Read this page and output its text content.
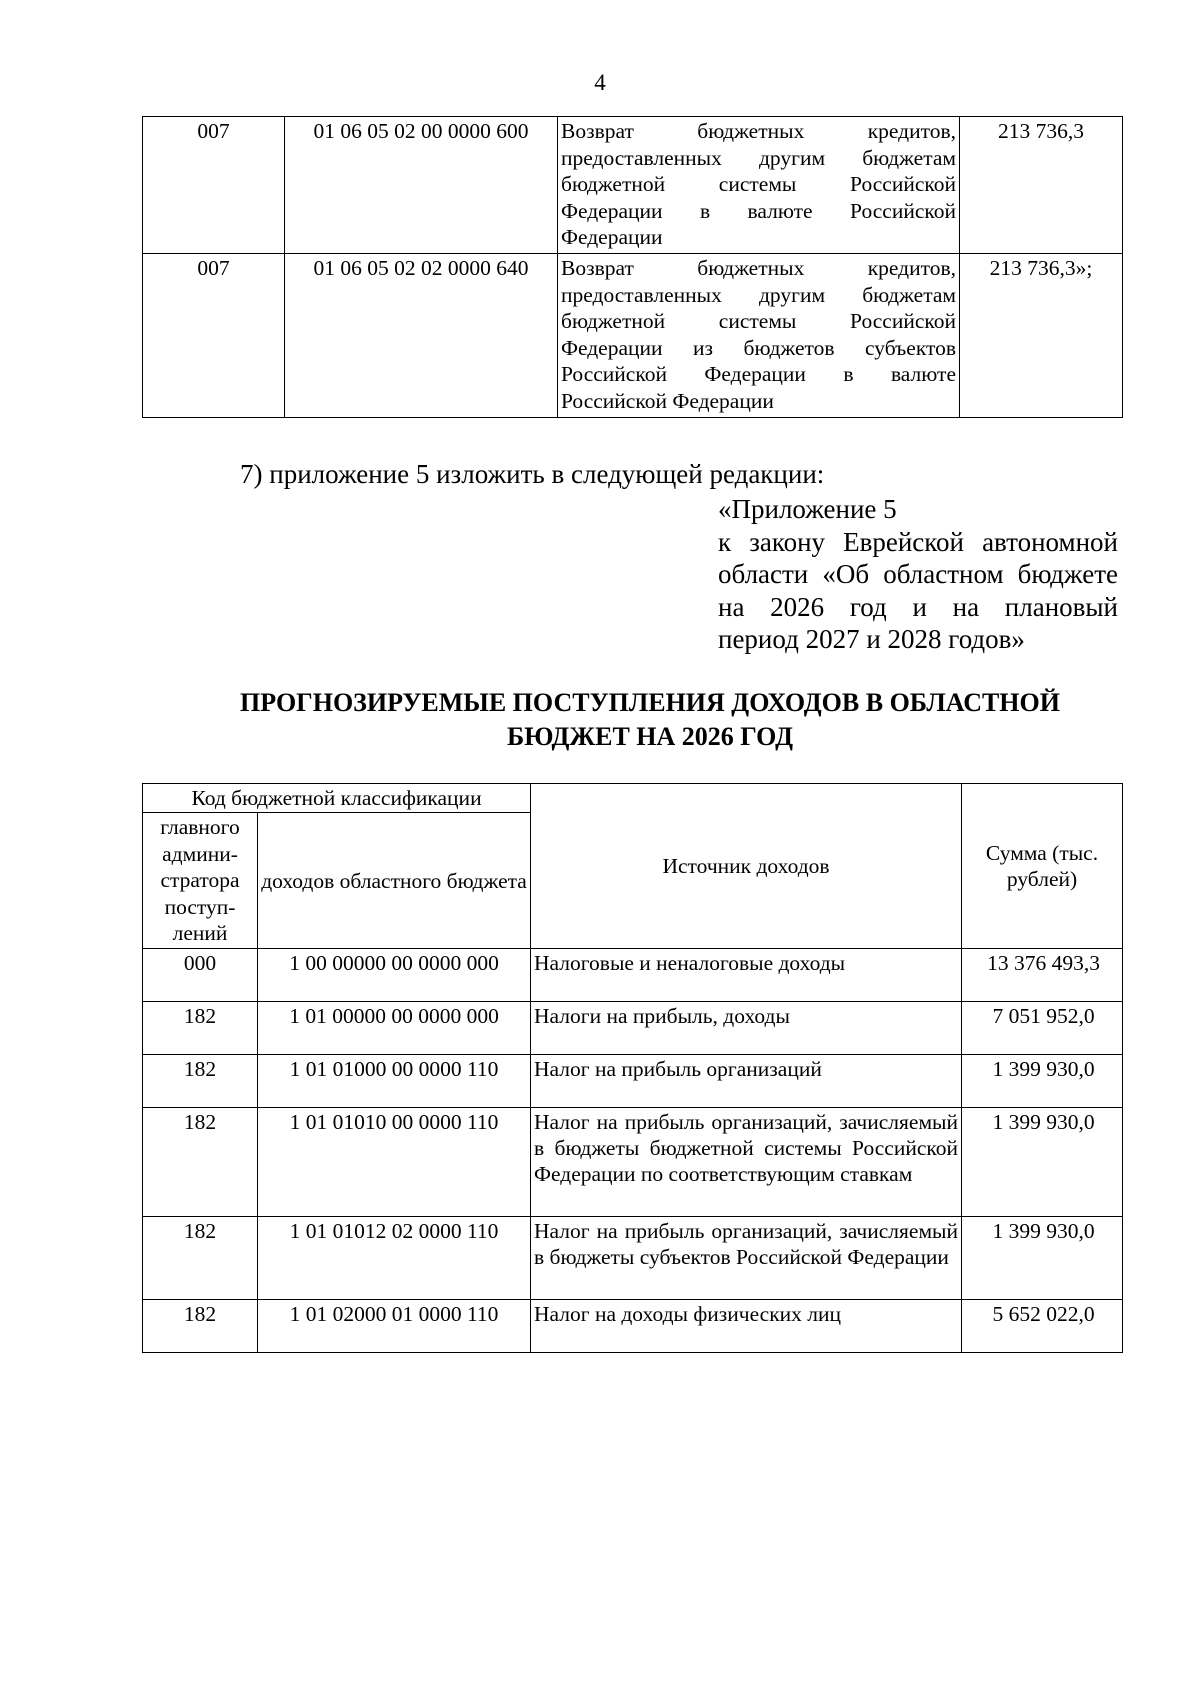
4
007	01 06 05 02 00 0000 600	Возврат бюджетных кредитов, предоставленных другим бюджетам бюджетной системы Российской Федерации в валюте Российской Федерации	213 736,3
007	01 06 05 02 02 0000 640	Возврат бюджетных кредитов, предоставленных другим бюджетам бюджетной системы Российской Федерации из бюджетов субъектов Российской Федерации в валюте Российской Федерации	213 736,3»;
7) приложение 5 изложить в следующей редакции:
«Приложение 5
к закону Еврейской автономной
области «Об областном бюджете
на 2026 год и на плановый
период 2027 и 2028 годов»
ПРОГНОЗИРУЕМЫЕ ПОСТУПЛЕНИЯ ДОХОДОВ В ОБЛАСТНОЙ
БЮДЖЕТ НА 2026 ГОД
Код бюджетной классификации		Источник доходов	Сумма (тыс. рублей)
главного админи-стратора поступ-лений	доходов областного бюджета		
000	1 00 00000 00 0000 000	Налоговые и неналоговые доходы	13 376 493,3
182	1 01 00000 00 0000 000	Налоги на прибыль, доходы	7 051 952,0
182	1 01 01000 00 0000 110	Налог на прибыль организаций	1 399 930,0
182	1 01 01010 00 0000 110	Налог на прибыль организаций, зачисляемый в бюджеты бюджетной системы Российской Федерации по соответствующим ставкам	1 399 930,0
182	1 01 01012 02 0000 110	Налог на прибыль организаций, зачисляемый в бюджеты субъектов Российской Федерации	1 399 930,0
182	1 01 02000 01 0000 110	Налог на доходы физических лиц	5 652 022,0
